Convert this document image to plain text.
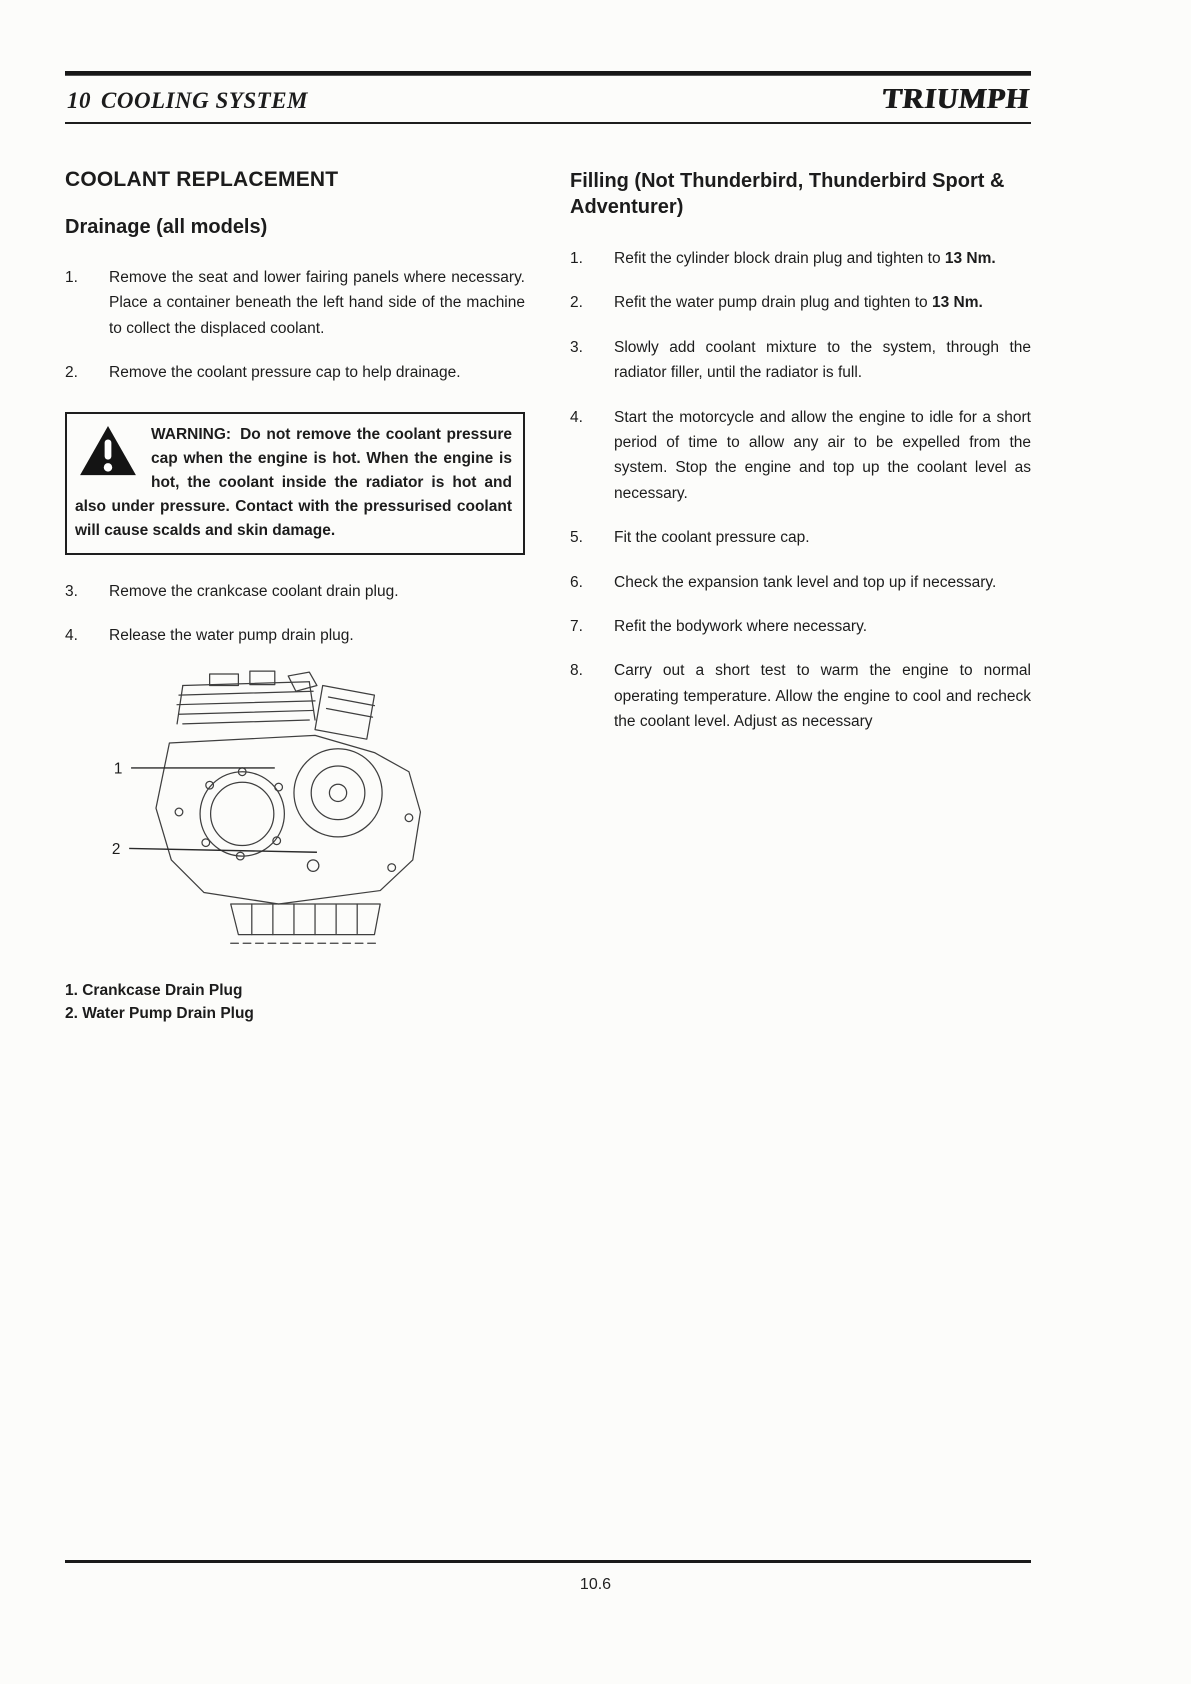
10 COOLING SYSTEM	TRIUMPH
COOLANT REPLACEMENT
Drainage (all models)
1.	Remove the seat and lower fairing panels where necessary. Place a container beneath the left hand side of the machine to collect the displaced coolant.
2.	Remove the coolant pressure cap to help drainage.
WARNING: Do not remove the coolant pressure cap when the engine is hot. When the engine is hot, the coolant inside the radiator is hot and also under pressure. Contact with the pressurised coolant will cause scalds and skin damage.
3.	Remove the crankcase coolant drain plug.
4.	Release the water pump drain plug.
1
2
1. Crankcase Drain Plug
2. Water Pump Drain Plug
Filling (Not Thunderbird, Thunderbird Sport & Adventurer)
1.	Refit the cylinder block drain plug and tighten to 13 Nm.
2.	Refit the water pump drain plug and tighten to 13 Nm.
3.	Slowly add coolant mixture to the system, through the radiator filler, until the radiator is full.
4.	Start the motorcycle and allow the engine to idle for a short period of time to allow any air to be expelled from the system. Stop the engine and top up the coolant level as necessary.
5.	Fit the coolant pressure cap.
6.	Check the expansion tank level and top up if necessary.
7.	Refit the bodywork where necessary.
8.	Carry out a short test to warm the engine to normal operating temperature. Allow the engine to cool and recheck the coolant level. Adjust as necessary
10.6
